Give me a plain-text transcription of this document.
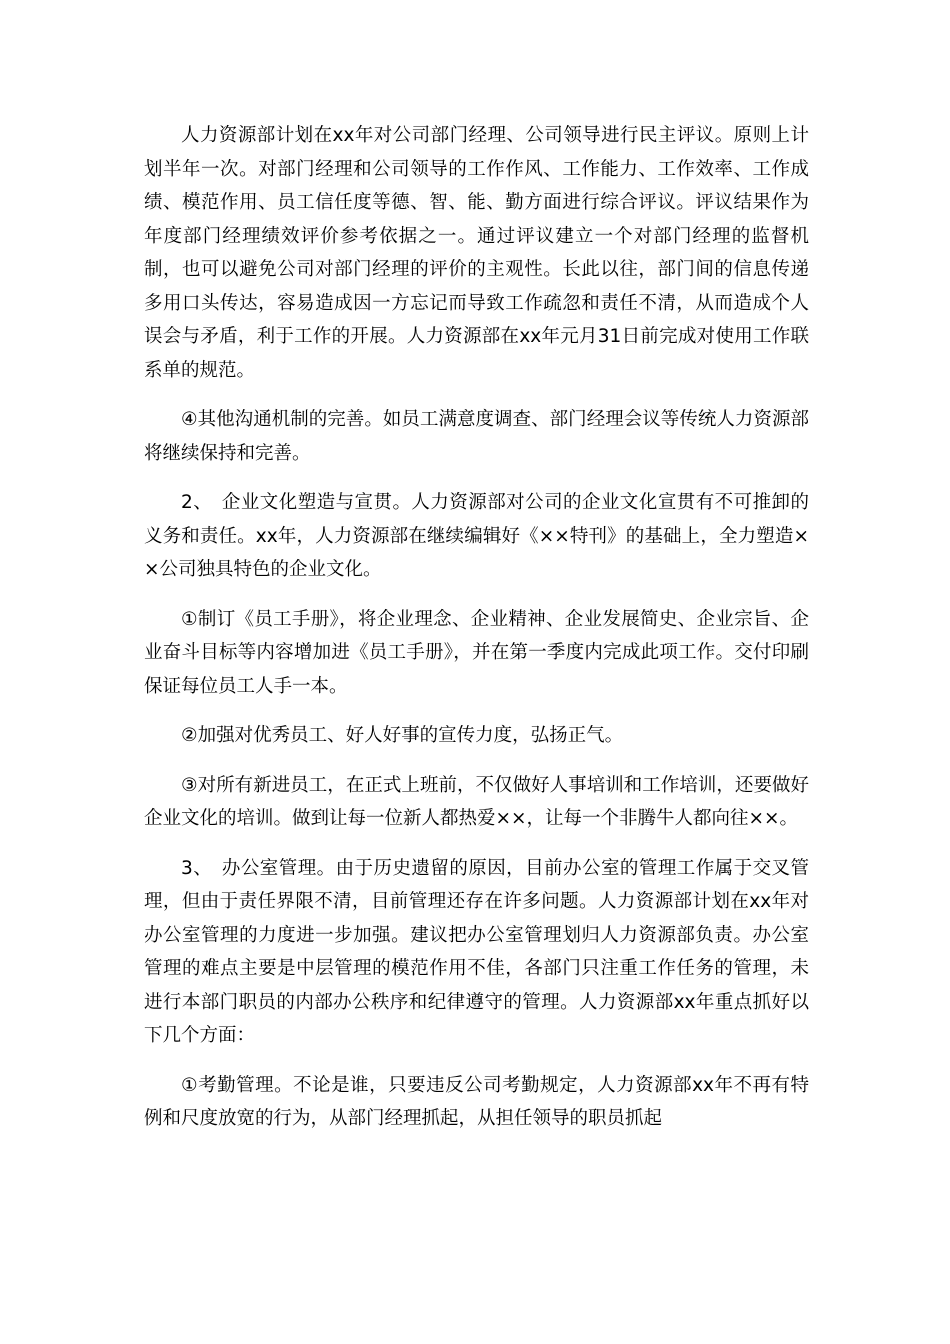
人力资源部计划在xx年对公司部门经理、公司领导进行民主评议。原则上计划半年一次。对部门经理和公司领导的工作作风、工作能力、工作效率、工作成绩、模范作用、员工信任度等德、智、能、勤方面进行综合评议。评议结果作为年度部门经理绩效评价参考依据之一。通过评议建立一个对部门经理的监督机制，也可以避免公司对部门经理的评价的主观性。长此以往，部门间的信息传递多用口头传达，容易造成因一方忘记而导致工作疏忽和责任不清，从而造成个人误会与矛盾，利于工作的开展。人力资源部在xx年元月31日前完成对使用工作联系单的规范。

④其他沟通机制的完善。如员工满意度调查、部门经理会议等传统人力资源部将继续保持和完善。

2、　企业文化塑造与宣贯。人力资源部对公司的企业文化宣贯有不可推卸的义务和责任。xx年，人力资源部在继续编辑好《××特刊》的基础上，全力塑造××公司独具特色的企业文化。

①制订《员工手册》，将企业理念、企业精神、企业发展简史、企业宗旨、企业奋斗目标等内容增加进《员工手册》，并在第一季度内完成此项工作。交付印刷保证每位员工人手一本。

②加强对优秀员工、好人好事的宣传力度，弘扬正气。

③对所有新进员工，在正式上班前，不仅做好人事培训和工作培训，还要做好企业文化的培训。做到让每一位新人都热爱××，让每一个非腾牛人都向往××。

3、　办公室管理。由于历史遗留的原因，目前办公室的管理工作属于交叉管理，但由于责任界限不清，目前管理还存在许多问题。人力资源部计划在xx年对办公室管理的力度进一步加强。建议把办公室管理划归人力资源部负责。办公室管理的难点主要是中层管理的模范作用不佳，各部门只注重工作任务的管理，未进行本部门职员的内部办公秩序和纪律遵守的管理。人力资源部xx年重点抓好以下几个方面：

①考勤管理。不论是谁，只要违反公司考勤规定，人力资源部xx年不再有特例和尺度放宽的行为，从部门经理抓起，从担任领导的职员抓起
